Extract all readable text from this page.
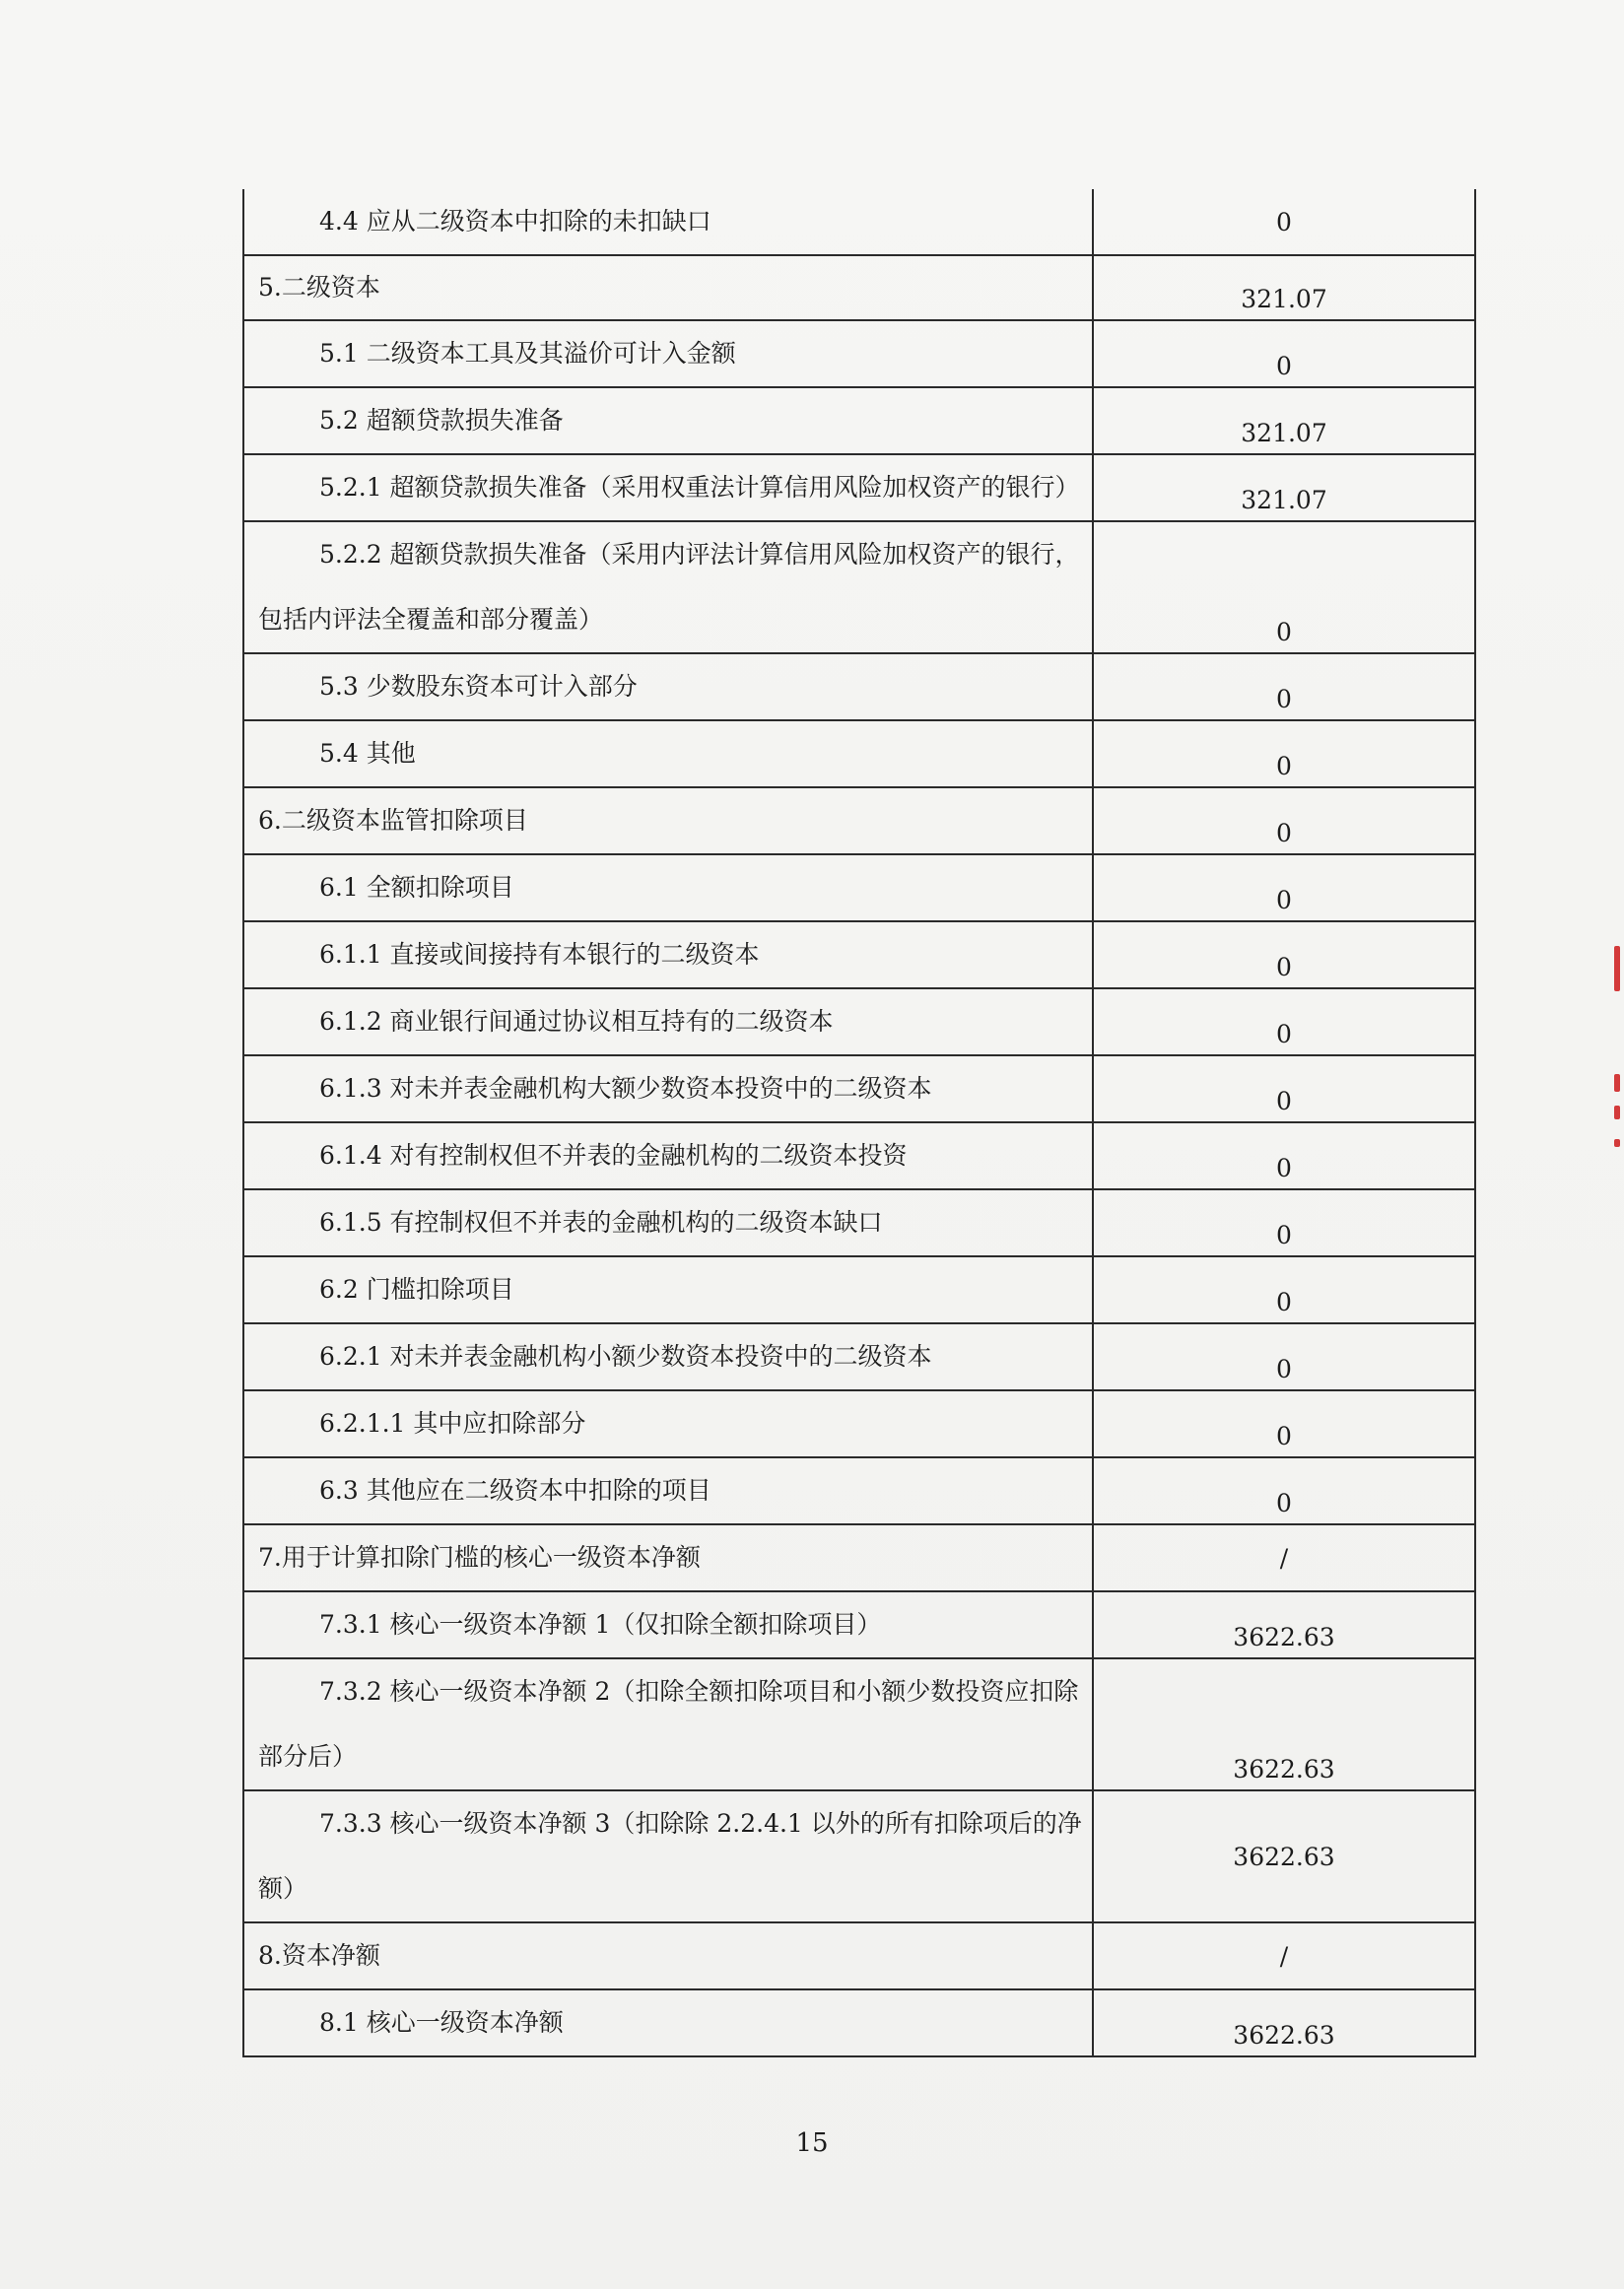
4.4 应从二级资本中扣除的未扣缺口	0
5.二级资本	321.07
5.1 二级资本工具及其溢价可计入金额	0
5.2 超额贷款损失准备	321.07

5.2.1 超额贷款损失准备（采用权重法计算信用风险加权资产的银行）	321.07

5.2.2 超额贷款损失准备（采用内评法计算信用风险加权资产的银行，包括内评法全覆盖和部分覆盖）	0
5.3 少数股东资本可计入部分	0
5.4 其他	0
6.二级资本监管扣除项目	0
6.1 全额扣除项目	0
6.1.1 直接或间接持有本银行的二级资本	0
6.1.2 商业银行间通过协议相互持有的二级资本	0
6.1.3 对未并表金融机构大额少数资本投资中的二级资本	0
6.1.4 对有控制权但不并表的金融机构的二级资本投资	0
6.1.5 有控制权但不并表的金融机构的二级资本缺口	0
6.2 门槛扣除项目	0
6.2.1 对未并表金融机构小额少数资本投资中的二级资本	0
6.2.1.1 其中应扣除部分	0
6.3 其他应在二级资本中扣除的项目	0
7.用于计算扣除门槛的核心一级资本净额	/
7.3.1 核心一级资本净额 1（仅扣除全额扣除项目）	3622.63

7.3.2 核心一级资本净额 2（扣除全额扣除项目和小额少数投资应扣除部分后）	3622.63

7.3.3 核心一级资本净额 3（扣除除 2.2.4.1 以外的所有扣除项后的净额）	3622.63
8.资本净额	/
8.1 核心一级资本净额	3622.63
15
